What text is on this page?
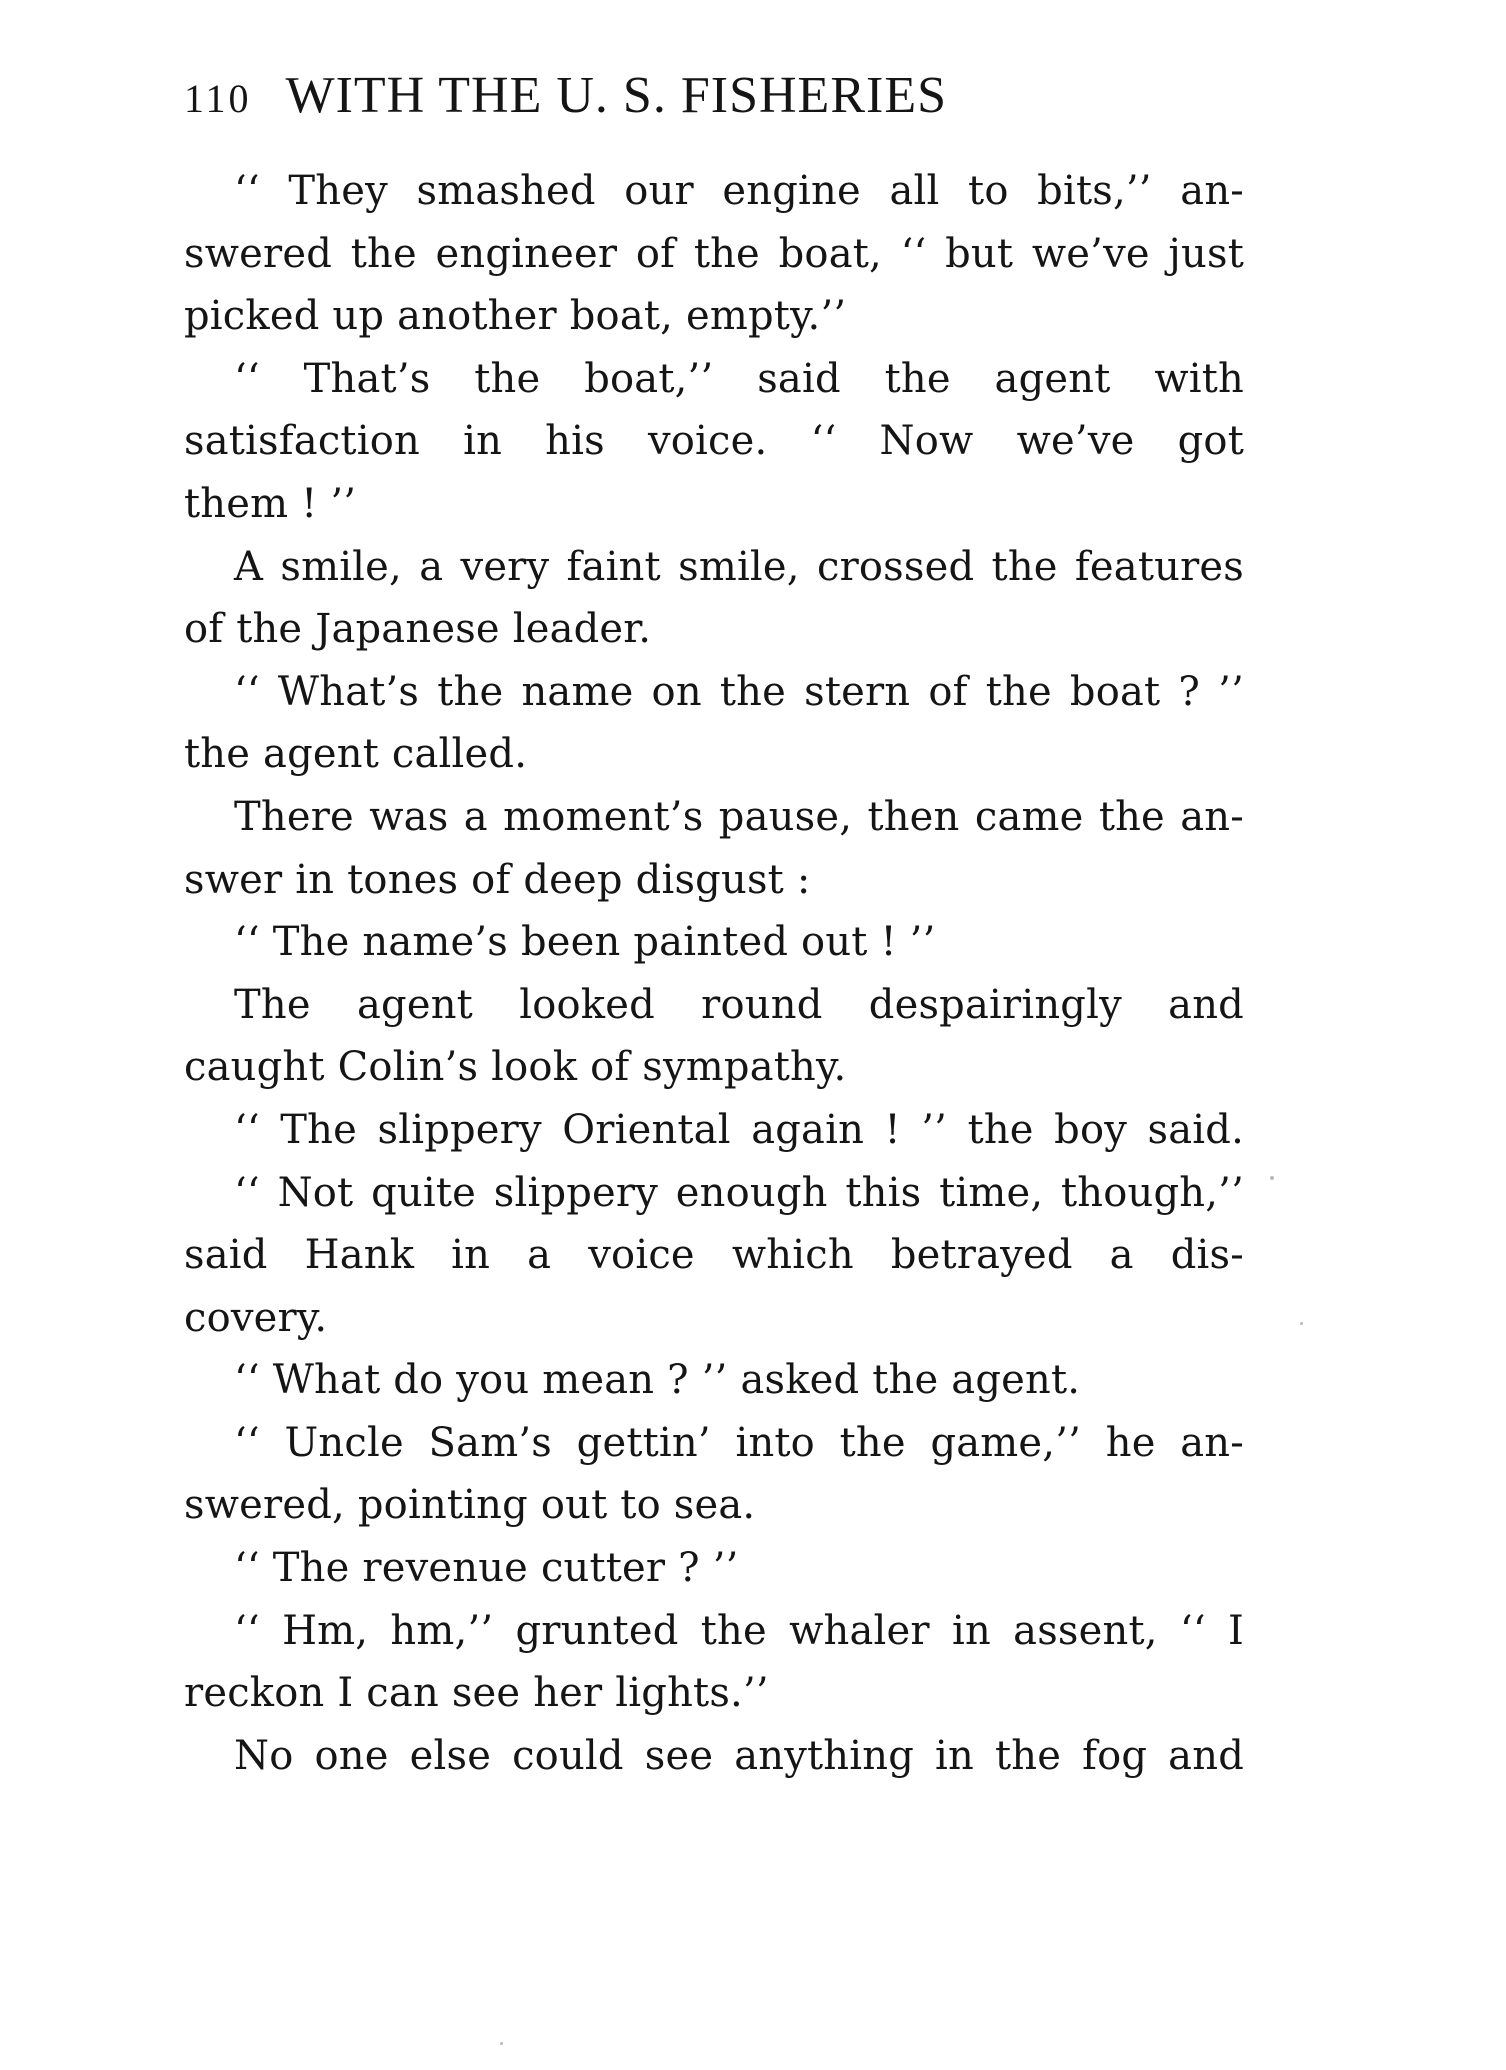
110 WITH THE U. S. FISHERIES
‘‘ They smashed our engine all to bits,’’ an-
swered the engineer of the boat, ‘‘ but we’ve just
picked up another boat, empty.’’
‘‘ That’s the boat,’’ said the agent with
satisfaction in his voice. ‘‘ Now we’ve got
them ! ’’
A smile, a very faint smile, crossed the features
of the Japanese leader.
‘‘ What’s the name on the stern of the boat ? ’’
the agent called.
There was a moment’s pause, then came the an-
swer in tones of deep disgust :
‘‘ The name’s been painted out ! ’’
The agent looked round despairingly and
caught Colin’s look of sympathy.
‘‘ The slippery Oriental again ! ’’ the boy said.
‘‘ Not quite slippery enough this time, though,’’
said Hank in a voice which betrayed a dis-
covery.
‘‘ What do you mean ? ’’ asked the agent.
‘‘ Uncle Sam’s gettin’ into the game,’’ he an-
swered, pointing out to sea.
‘‘ The revenue cutter ? ’’
‘‘ Hm, hm,’’ grunted the whaler in assent, ‘‘ I
reckon I can see her lights.’’
No one else could see anything in the fog and
